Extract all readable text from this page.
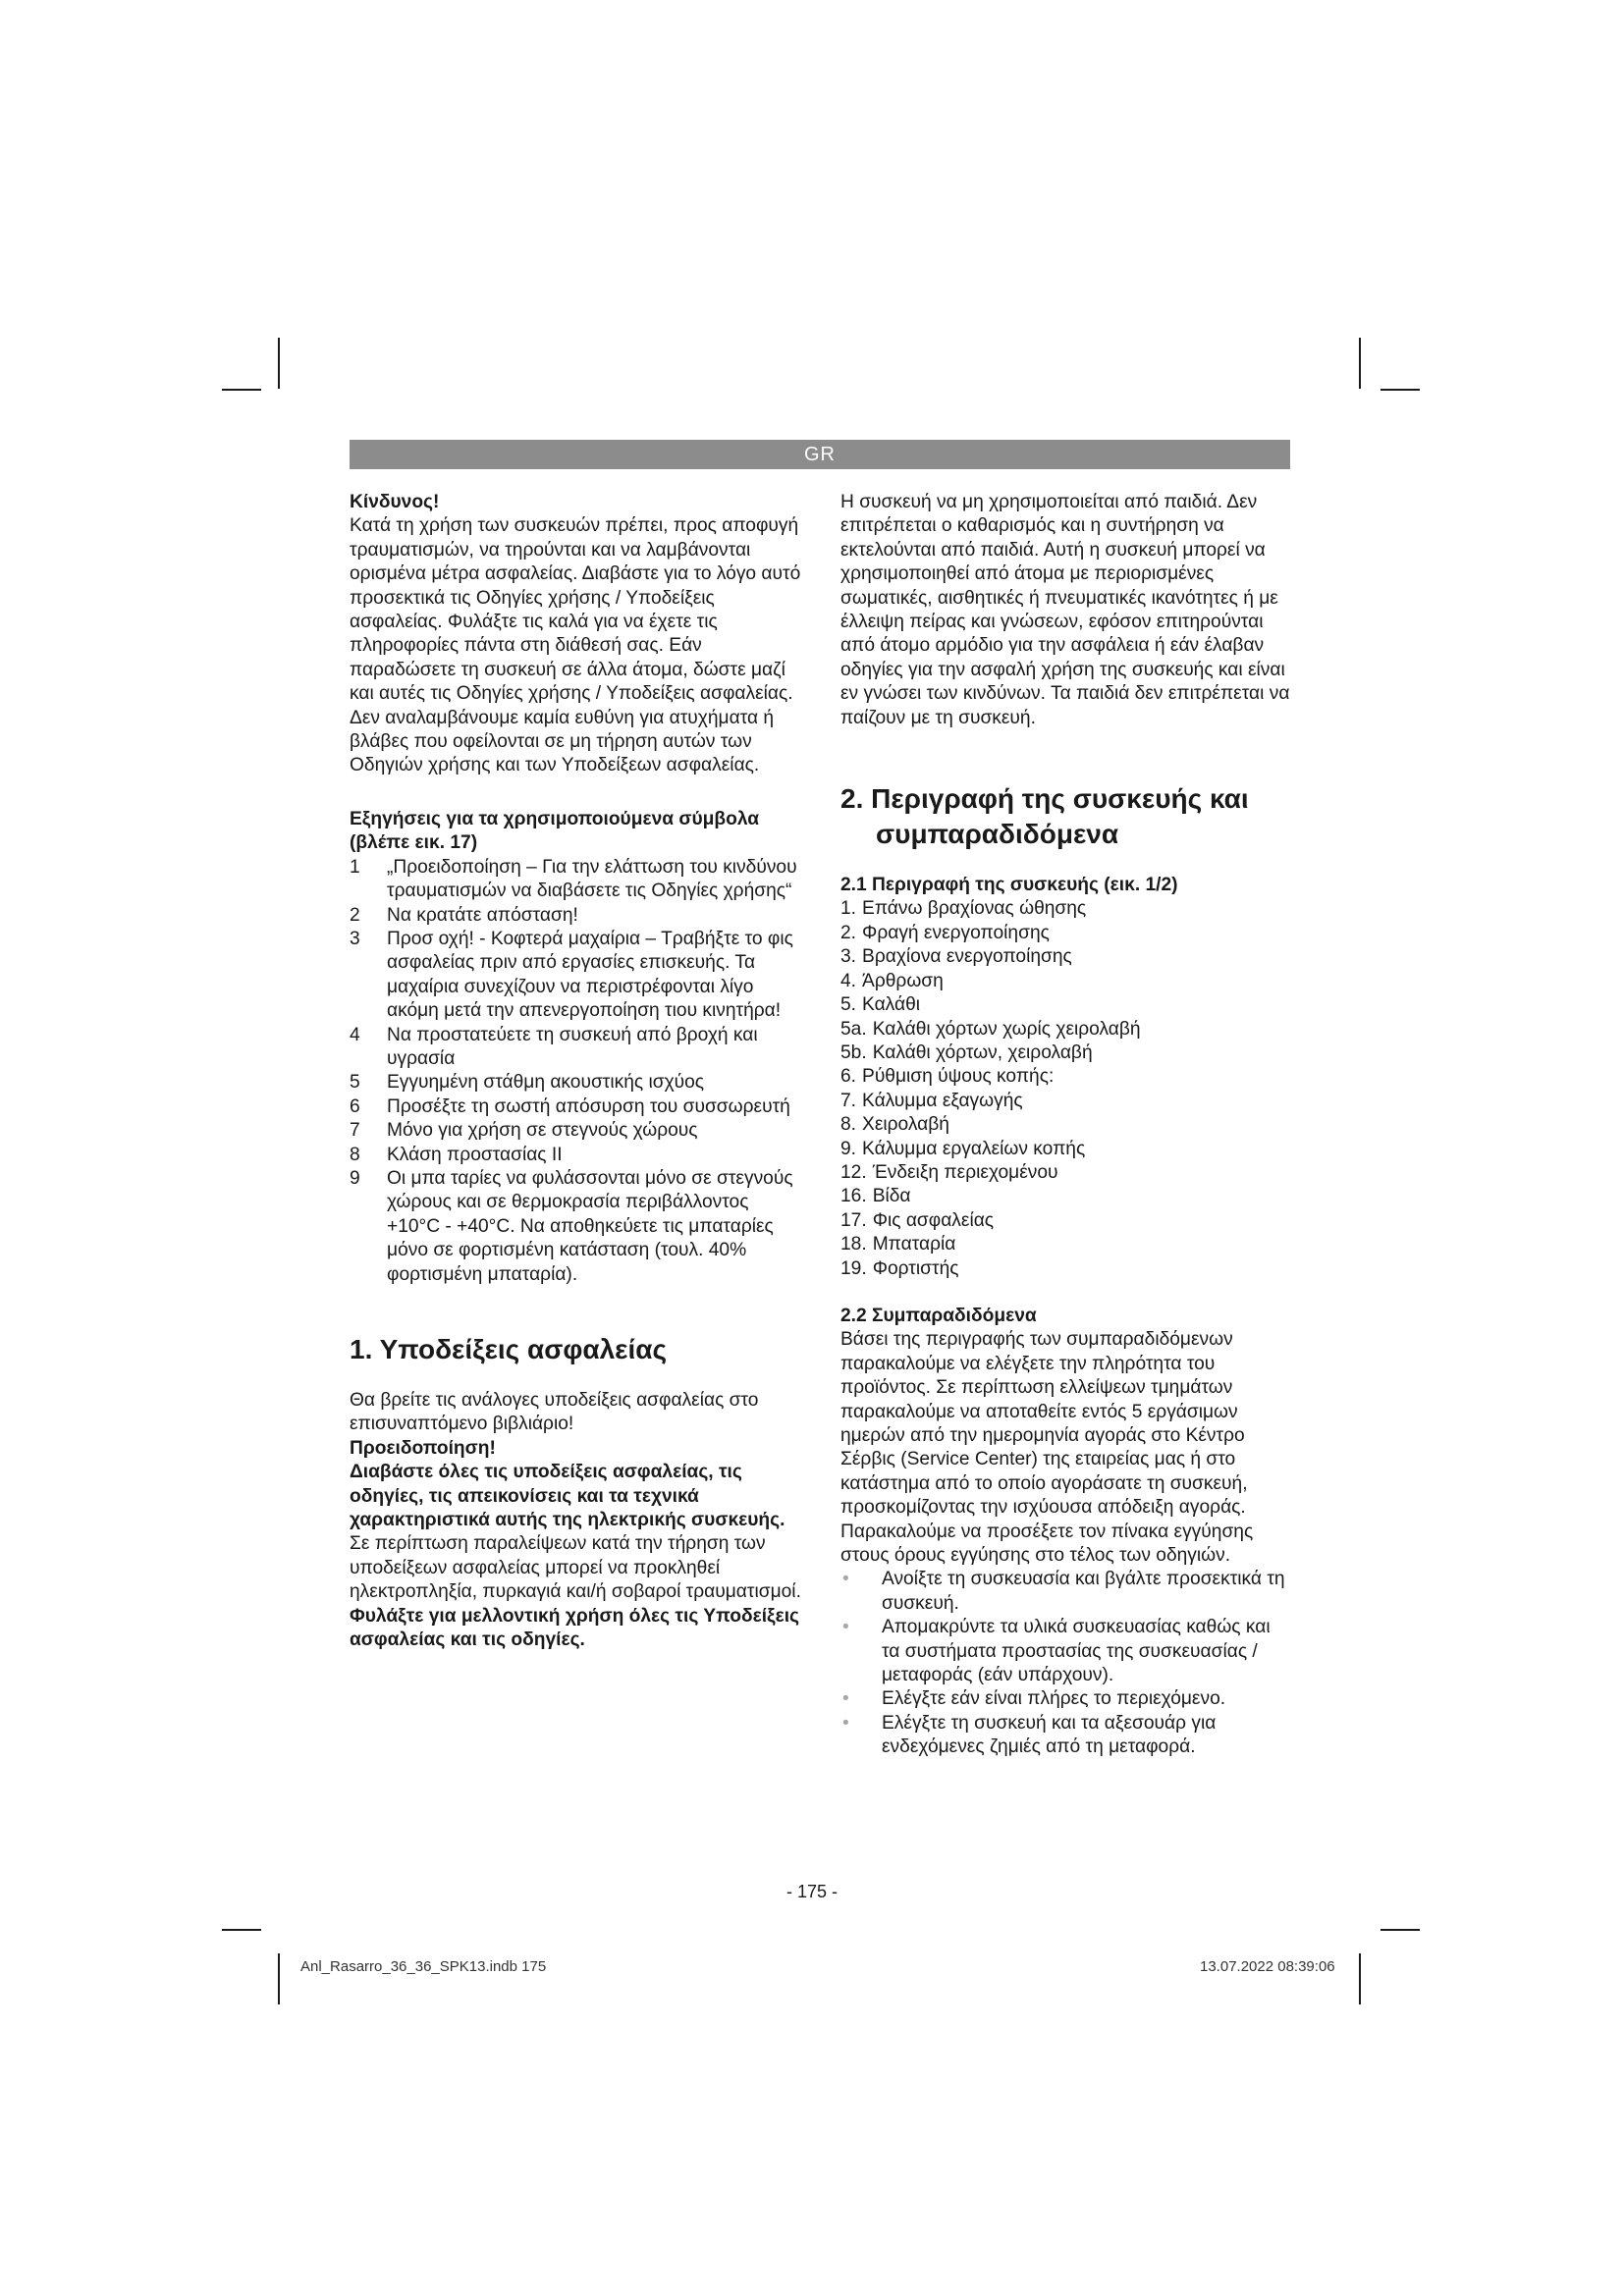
GR

Κίνδυνος!

Κατά τη χρήση των συσκευών πρέπει, προς αποφυγή τραυματισμών, να τηρούνται και να λαμβάνονται ορισμένα μέτρα ασφαλείας. Διαβάστε για το λόγο αυτό προσεκτικά τις Οδηγίες χρήσης / Υποδείξεις ασφαλείας. Φυλάξτε τις καλά για να έχετε τις πληροφορίες πάντα στη διάθεσή σας. Εάν παραδώσετε τη συσκευή σε άλλα άτομα, δώστε μαζί και αυτές τις Οδηγίες χρήσης / Υποδείξεις ασφαλείας. Δεν αναλαμβάνουμε καμία ευθύνη για ατυχήματα ή βλάβες που οφείλονται σε μη τήρηση αυτών των Οδηγιών χρήσης και των Υποδείξεων ασφαλείας.

Εξηγήσεις για τα χρησιμοποιούμενα σύμβολα (βλέπε εικ. 17)

1	„Προειδοποίηση – Για την ελάττωση του κινδύνου τραυματισμών να διαβάσετε τις Οδηγίες χρήσης“
2	Να κρατάτε απόσταση!
3	Προσ οχή! - Κοφτερά μαχαίρια – Τραβήξτε το φις ασφαλείας πριν από εργασίες επισκευής. Τα μαχαίρια συνεχίζουν να περιστρέφονται λίγο ακόμη μετά την απενεργοποίηση τιου κινητήρα!
4	Να προστατεύετε τη συσκευή από βροχή και υγρασία
5	Εγγυημένη στάθμη ακουστικής ισχύος
6	Προσέξτε τη σωστή απόσυρση του συσσωρευτή
7	Μόνο για χρήση σε στεγνούς χώρους
8	Κλάση προστασίας II
9	Οι μπα ταρίες να φυλάσσονται μόνο σε στεγνούς χώρους και σε θερμοκρασία περιβάλλοντος +10°C - +40°C. Να αποθηκεύετε τις μπαταρίες μόνο σε φορτισμένη κατάσταση (τουλ. 40% φορτισμένη μπαταρία).
1. Υποδείξεις ασφαλείας

Θα βρείτε τις ανάλογες υποδείξεις ασφαλείας στο επισυναπτόμενο βιβλιάριο!

Προειδοποίηση!

Διαβάστε όλες τις υποδείξεις ασφαλείας, τις οδηγίες, τις απεικονίσεις και τα τεχνικά χαρακτηριστικά αυτής της ηλεκτρικής συσκευής. Σε περίπτωση παραλείψεων κατά την τήρηση των υποδείξεων ασφαλείας μπορεί να προκληθεί ηλεκτροπληξία, πυρκαγιά και/ή σοβαροί τραυματισμοί.

Φυλάξτε για μελλοντική χρήση όλες τις Υποδείξεις ασφαλείας και τις οδηγίες.

Η συσκευή να μη χρησιμοποιείται από παιδιά. Δεν επιτρέπεται ο καθαρισμός και η συντήρηση να εκτελούνται από παιδιά. Αυτή η συσκευή μπορεί να χρησιμοποιηθεί από άτομα με περιορισμένες σωματικές, αισθητικές ή πνευματικές ικανότητες ή με έλλειψη πείρας και γνώσεων, εφόσον επιτηρούνται από άτομο αρμόδιο για την ασφάλεια ή εάν έλαβαν οδηγίες για την ασφαλή χρήση της συσκευής και είναι εν γνώσει των κινδύνων. Τα παιδιά δεν επιτρέπεται να παίζουν με τη συσκευή.

2. Περιγραφή της συσκευής και
συμπαραδιδόμενα

2.1 Περιγραφή της συσκευής (εικ. 1/2)

1. Επάνω βραχίονας ώθησης
2. Φραγή ενεργοποίησης
3. Βραχίονα ενεργοποίησης
4. Άρθρωση
5. Καλάθι
5a. Καλάθι χόρτων χωρίς χειρολαβή
5b. Καλάθι χόρτων, χειρολαβή
6. Ρύθμιση ύψους κοπής:
7. Κάλυμμα εξαγωγής
8. Χειρολαβή
9. Κάλυμμα εργαλείων κοπής
12. Ένδειξη περιεχομένου
16. Βίδα
17. Φις ασφαλείας
18. Μπαταρία
19. Φορτιστής

2.2 Συμπαραδιδόμενα

Βάσει της περιγραφής των συμπαραδιδόμενων παρακαλούμε να ελέγξετε την πληρότητα του προϊόντος. Σε περίπτωση ελλείψεων τμημάτων παρακαλούμε να αποταθείτε εντός 5 εργάσιμων ημερών από την ημερομηνία αγοράς στο Κέντρο Σέρβις (Service Center) της εταιρείας μας ή στο κατάστημα από το οποίο αγοράσατε τη συσκευή, προσκομίζοντας την ισχύουσα απόδειξη αγοράς. Παρακαλούμε να προσέξετε τον πίνακα εγγύησης στους όρους εγγύησης στο τέλος των οδηγιών.

•	Ανοίξτε τη συσκευασία και βγάλτε προσεκτικά τη συσκευή.
•	Απομακρύντε τα υλικά συσκευασίας καθώς και τα συστήματα προστασίας της συσκευασίας / μεταφοράς (εάν υπάρχουν).
•	Ελέγξτε εάν είναι πλήρες το περιεχόμενο.
•	Ελέγξτε τη συσκευή και τα αξεσουάρ για ενδεχόμενες ζημιές από τη μεταφορά.
- 175 -
Anl_Rasarro_36_36_SPK13.indb 175	13.07.2022 08:39:06
